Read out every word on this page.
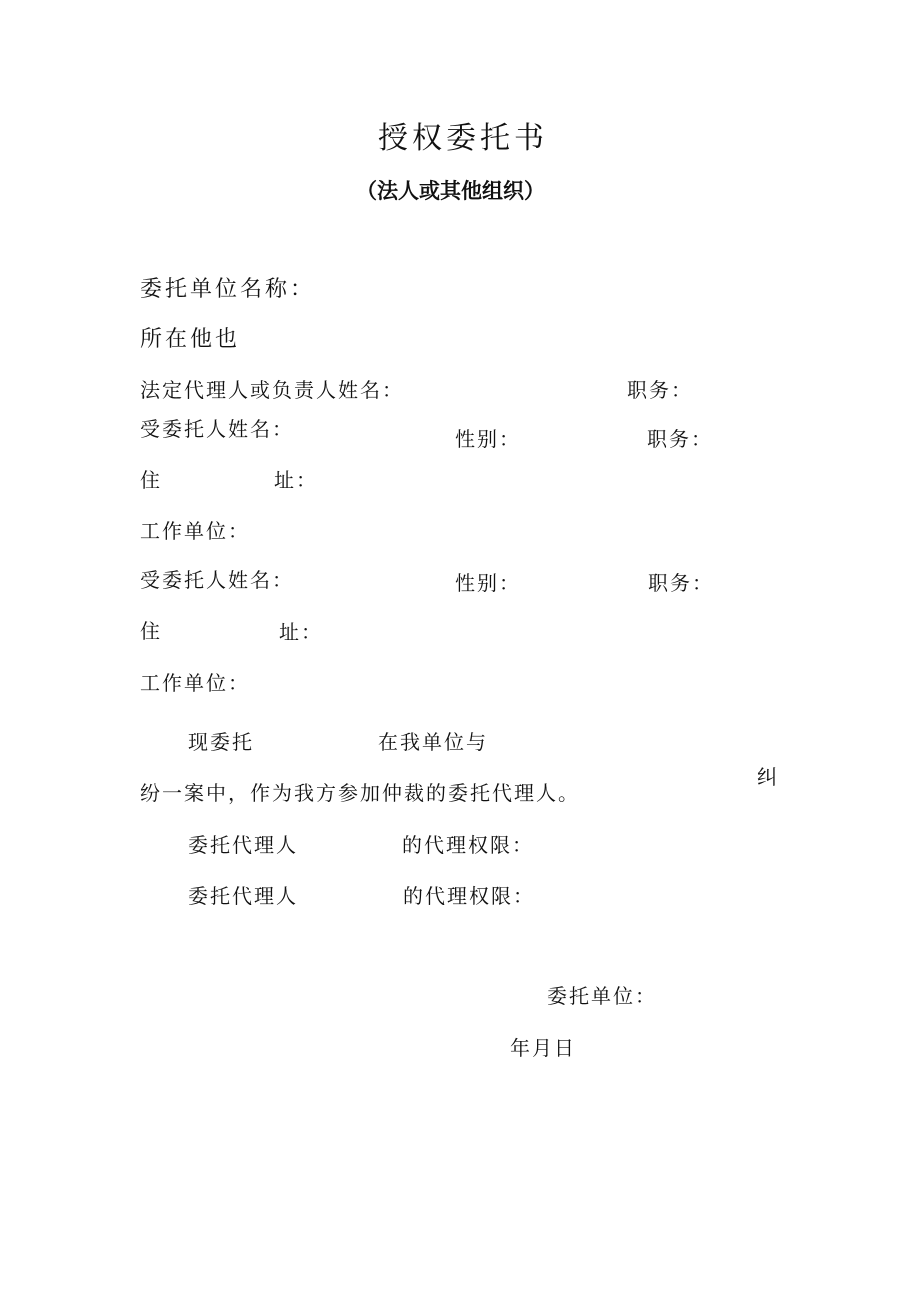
授权委托书
（法人或其他组织）
委托单位名称：
所在他也
法定代理人或负责人姓名：	职务：
受委托人姓名：	性别：	职务：
住	址：
工作单位：
受委托人姓名：	性别：	职务：
住	址：
工作单位：
现委托	在我单位与
纠
纷一案中，作为我方参加仲裁的委托代理人。
委托代理人	的代理权限：
委托代理人	的代理权限：
委托单位：
年月日
